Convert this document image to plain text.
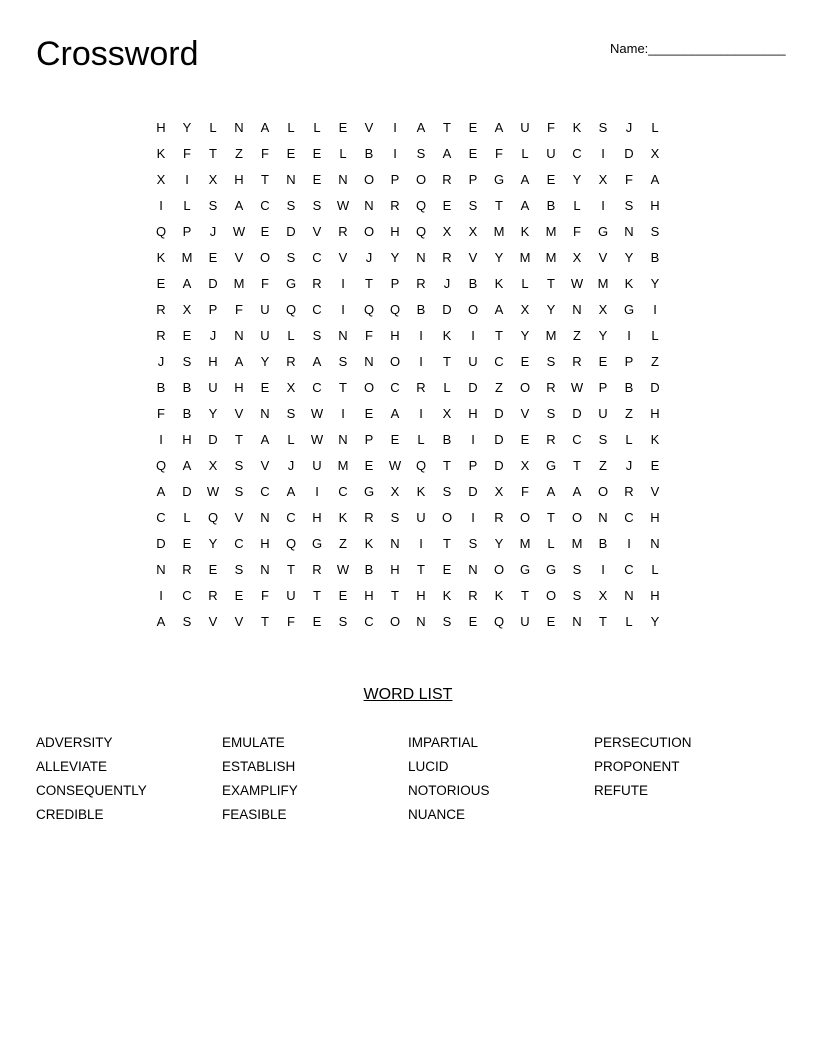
Crossword	Name:___________________
H	Y	L	N	A	L	L	E	V	I	A	T	E	A	U	F	K	S	J	L
K	F	T	Z	F	E	E	L	B	I	S	A	E	F	L	U	C	I	D	X
X	I	X	H	T	N	E	N	O	P	O	R	P	G	A	E	Y	X	F	A
I	L	S	A	C	S	S	W	N	R	Q	E	S	T	A	B	L	I	S	H
Q	P	J	W	E	D	V	R	O	H	Q	X	X	M	K	M	F	G	N	S
K	M	E	V	O	S	C	V	J	Y	N	R	V	Y	M	M	X	V	Y	B
E	A	D	M	F	G	R	I	T	P	R	J	B	K	L	T	W	M	K	Y
R	X	P	F	U	Q	C	I	Q	Q	B	D	O	A	X	Y	N	X	G	I
R	E	J	N	U	L	S	N	F	H	I	K	I	T	Y	M	Z	Y	I	L
J	S	H	A	Y	R	A	S	N	O	I	T	U	C	E	S	R	E	P	Z
B	B	U	H	E	X	C	T	O	C	R	L	D	Z	O	R	W	P	B	D
F	B	Y	V	N	S	W	I	E	A	I	X	H	D	V	S	D	U	Z	H
I	H	D	T	A	L	W	N	P	E	L	B	I	D	E	R	C	S	L	K
Q	A	X	S	V	J	U	M	E	W	Q	T	P	D	X	G	T	Z	J	E
A	D	W	S	C	A	I	C	G	X	K	S	D	X	F	A	A	O	R	V
C	L	Q	V	N	C	H	K	R	S	U	O	I	R	O	T	O	N	C	H
D	E	Y	C	H	Q	G	Z	K	N	I	T	S	Y	M	L	M	B	I	N
N	R	E	S	N	T	R	W	B	H	T	E	N	O	G	G	S	I	C	L
I	C	R	E	F	U	T	E	H	T	H	K	R	K	T	O	S	X	N	H
A	S	V	V	T	F	E	S	C	O	N	S	E	Q	U	E	N	T	L	Y
WORD LIST
ADVERSITY
ALLEVIATE
CONSEQUENTLY
CREDIBLE
EMULATE
ESTABLISH
EXAMPLIFY
FEASIBLE
IMPARTIAL
LUCID
NOTORIOUS
NUANCE
PERSECUTION
PROPONENT
REFUTE
